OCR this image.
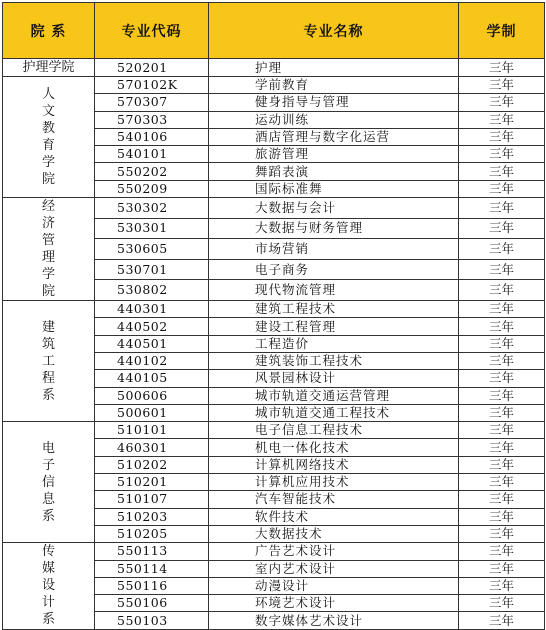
院 系	专业代码	专业名称	学制
护理学院	520201	护理	三年

人文教育学院	570102K	学前教育	三年
	570307	健身指导与管理	三年
	570303	运动训练	三年
	540106	酒店管理与数字化运营	三年
	540101	旅游管理	三年
	550202	舞蹈表演	三年
	550209	国际标准舞	三年

经济管理学院	530302	大数据与会计	三年
	530301	大数据与财务管理	三年
	530605	市场营销	三年
	530701	电子商务	三年
	530802	现代物流管理	三年

建筑工程系	440301	建筑工程技术	三年
	440502	建设工程管理	三年
	440501	工程造价	三年
	440102	建筑装饰工程技术	三年
	440105	风景园林设计	三年
	500606	城市轨道交通运营管理	三年
	500601	城市轨道交通工程技术	三年

电子信息系	510101	电子信息工程技术	三年
	460301	机电一体化技术	三年
	510202	计算机网络技术	三年
	510201	计算机应用技术	三年
	510107	汽车智能技术	三年
	510203	软件技术	三年
	510205	大数据技术	三年

传媒设计系	550113	广告艺术设计	三年
	550114	室内艺术设计	三年
	550116	动漫设计	三年
	550106	环境艺术设计	三年
	550103	数字媒体艺术设计	三年
